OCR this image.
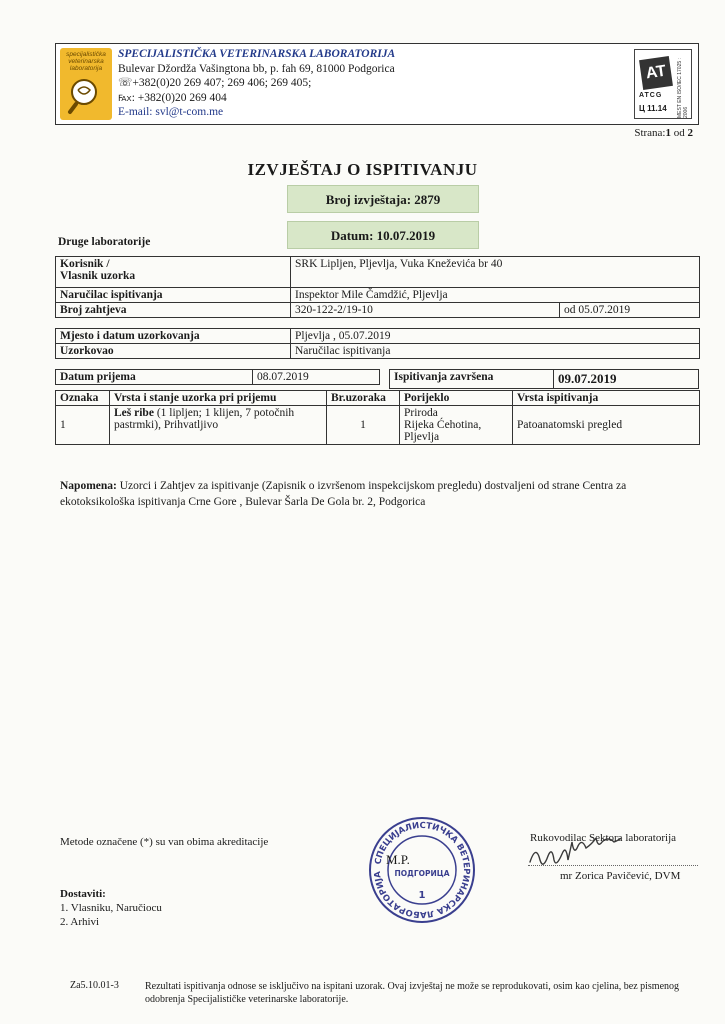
specijalistička
veterinarska
laboratorija
SPECIJALISTIČKA VETERINARSKA LABORATORIJA
Bulevar Džordža Vašingtona bb, p. fah 69, 81000 Podgorica
☏+382(0)20 269 407; 269 406; 269 405;
℻: +382(0)20 269 404
E-mail: svl@t-com.me
AT
ATCG
Ц 11.14 MEST EN ISO/IEC 17025 : 2006
Strana:1 od 2
IZVJEŠTAJ O ISPITIVANJU
Broj izvještaja: 2879
Datum: 10.07.2019
Druge laboratorije
Korisnik /
Vlasnik uzorka	SRK Lipljen, Pljevlja, Vuka Kneževića br 40	
Naručilac ispitivanja	Inspektor Mile Čamdžić, Pljevlja	
Broj zahtjeva	320-122-2/19-10	od 05.07.2019
Mjesto i datum uzorkovanja	Pljevlja , 05.07.2019
Uzorkovao	Naručilac ispitivanja
Datum prijema	08.07.2019	Ispitivanja završena	09.07.2019
Oznaka	Vrsta i stanje uzorka pri prijemu	Br.uzoraka	Porijeklo	Vrsta ispitivanja
1	Leš ribe (1 lipljen; 1 klijen, 7 potočnih pastrmki), Prihvatljivo	1	Priroda
Rijeka Ćehotina,
Pljevlja	Patoanatomski pregled
Napomena: Uzorci i Zahtjev za ispitivanje (Zapisnik o izvršenom inspekcijskom pregledu) dostvaljeni od strane Centra za ekotoksikološka ispitivanja Crne Gore , Bulevar Šarla De Gola br. 2, Podgorica
Metode označene (*) su van obima akreditacije
СПЕЦИЈАЛИСТИЧКА ВЕТЕРИНАРСКА ЛАБОРАТОРИЈА	ПОДГОРИЦА
1
M.P.
Rukovodilac Sektora laboratorija
mr Zorica Pavičević, DVM
Dostaviti:
1. Vlasniku, Naručiocu
2. Arhivi
Za5.10.01-3	Rezultati ispitivanja odnose se isključivo na ispitani uzorak. Ovaj izvještaj ne može se reprodukovati, osim kao cjelina, bez pismenog odobrenja Specijalističke veterinarske laboratorije.
